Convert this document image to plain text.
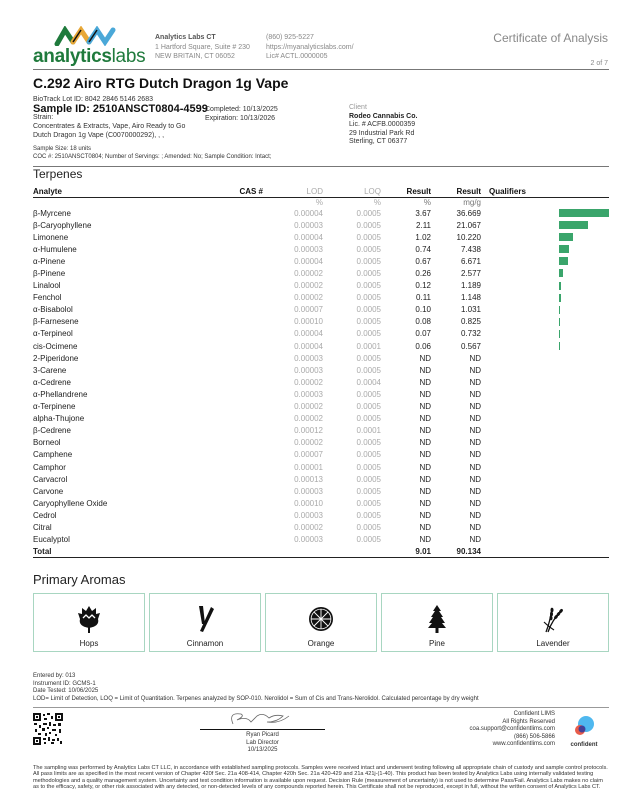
analyticslabs
Analytics Labs CT
1 Hartford Square, Suite # 230
NEW BRITAIN, CT 06052
(860) 925-5227
https://myanalyticslabs.com/
Lic# ACTL.0000005
Certificate of Analysis
2 of 7
C.292 Airo RTG Dutch Dragon 1g Vape
BioTrack Lot ID: 8042 2846 5146 2683
Sample ID: 2510ANSCT0804-4599
Strain:
Concentrates & Extracts, Vape, Airo Ready to Go
Dutch Dragon 1g Vape (C0070000292), , ,
Completed: 10/13/2025
Expiration: 10/13/2026
Sample Size: 18 units
COC #: 2510ANSCT0804; Number of Servings: ; Amended: No; Sample Condition: Intact;
Client
Rodeo Cannabis Co.
Lic. # ACFB.0000359
29 Industrial Park Rd
Sterling, CT 06377
Terpenes
Analyte	CAS #	LOD	LOQ	Result	Result	Qualifiers
		%	%	%	mg/g	
β-Myrcene		0.00004	0.0005	3.67	36.669	

β-Caryophyllene		0.00003	0.0005	2.11	21.067	

Limonene		0.00004	0.0005	1.02	10.220	

α-Humulene		0.00003	0.0005	0.74	7.438	

α-Pinene		0.00004	0.0005	0.67	6.671	

β-Pinene		0.00002	0.0005	0.26	2.577	

Linalool		0.00002	0.0005	0.12	1.189	

Fenchol		0.00002	0.0005	0.11	1.148	

α-Bisabolol		0.00007	0.0005	0.10	1.031	

β-Farnesene		0.00010	0.0005	0.08	0.825	

α-Terpineol		0.00004	0.0005	0.07	0.732	

cis-Ocimene		0.00004	0.0001	0.06	0.567	

2-Piperidone		0.00003	0.0005	ND	ND	
3-Carene		0.00003	0.0005	ND	ND	
α-Cedrene		0.00002	0.0004	ND	ND	
α-Phellandrene		0.00003	0.0005	ND	ND	
α-Terpinene		0.00002	0.0005	ND	ND	
alpha-Thujone		0.00002	0.0005	ND	ND	
β-Cedrene		0.00012	0.0001	ND	ND	
Borneol		0.00002	0.0005	ND	ND	
Camphene		0.00007	0.0005	ND	ND	
Camphor		0.00001	0.0005	ND	ND	
Carvacrol		0.00013	0.0005	ND	ND	
Carvone		0.00003	0.0005	ND	ND	
Caryophyllene Oxide		0.00010	0.0005	ND	ND	
Cedrol		0.00003	0.0005	ND	ND	
Citral		0.00002	0.0005	ND	ND	
Eucalyptol		0.00003	0.0005	ND	ND	
Total				9.01	90.134	
Primary Aromas
Hops	Cinnamon	Orange	Pine	Lavender
Entered by: 013
Instrument ID: GCMS-1
Date Tested: 10/06/2025
LOD= Limit of Detection, LOQ = Limit of Quantitation. Terpenes analyzed by SOP-010. Nerolidol = Sum of Cis and Trans-Nerolidol. Calculated percentage by dry weight
Ryan Picard
Lab Director
10/13/2025
Confident LIMS
All Rights Reserved
coa.support@confidentlims.com
(866) 506-5866
www.confidentlims.com	confident
The sampling was performed by Analytics Labs CT LLC, in accordance with established sampling protocols. Samples were received intact and underwent testing following all appropriate chain of custody and sample control protocols. All pass limits are as specified in the most recent version of Chapter 420f Sec. 21a 408-414, Chapter 420h Sec. 21a 420-429 and 21a 421j-(1-40). This product has been tested by Analytics Labs using internally validated testing methodologies and a quality management system. Uncertainty and test condition information is available upon request. Decision Rule (measurement of uncertainty) is not used to determine Pass/Fail. Analytics Labs makes no claim as to the efficacy, safety, or other risk associated with any detected, or non-detected levels of any compounds reported herein. This Certificate shall not be reproduced, except in full, without the written consent of Analytics Labs CT.
